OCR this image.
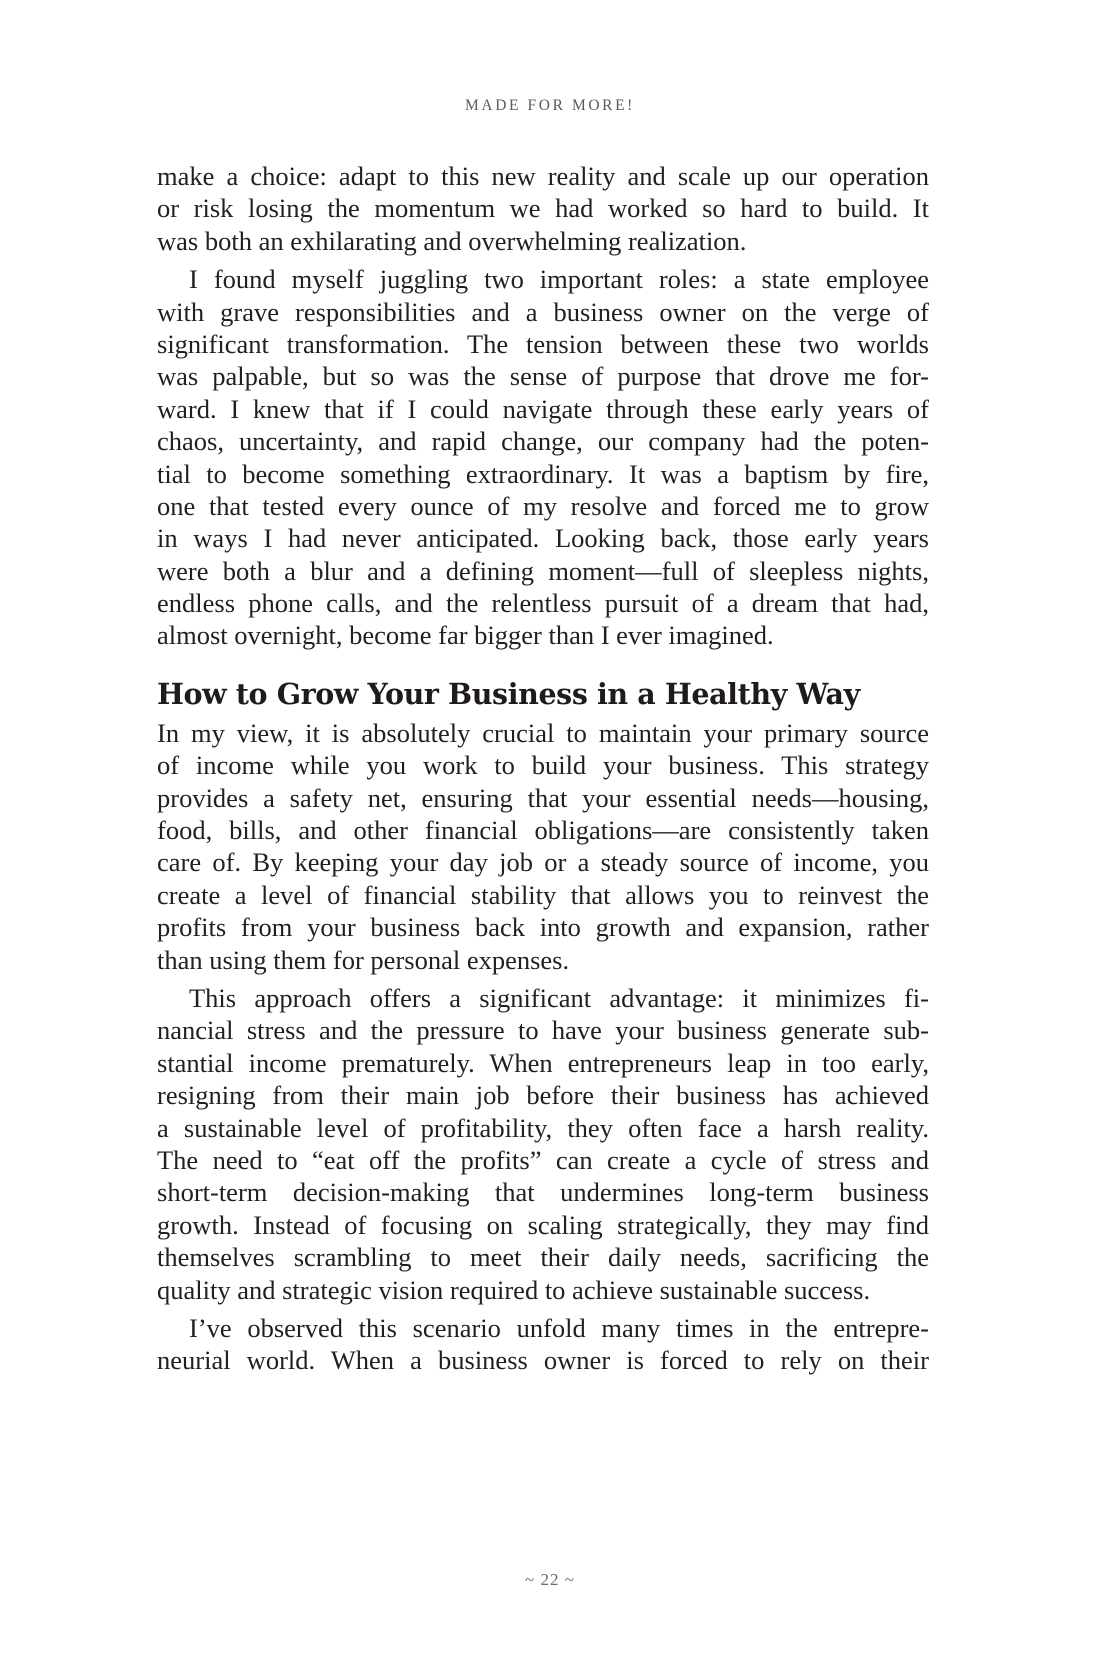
MADE FOR MORE!
make a choice: adapt to this new reality and scale up our operation
or risk losing the momentum we had worked so hard to build. It
was both an exhilarating and overwhelming realization.
I found myself juggling two important roles: a state employee
with grave responsibilities and a business owner on the verge of
significant transformation. The tension between these two worlds
was palpable, but so was the sense of purpose that drove me for-
ward. I knew that if I could navigate through these early years of
chaos, uncertainty, and rapid change, our company had the poten-
tial to become something extraordinary. It was a baptism by fire,
one that tested every ounce of my resolve and forced me to grow
in ways I had never anticipated. Looking back, those early years
were both a blur and a defining moment—full of sleepless nights,
endless phone calls, and the relentless pursuit of a dream that had,
almost overnight, become far bigger than I ever imagined.
How to Grow Your Business in a Healthy Way
In my view, it is absolutely crucial to maintain your primary source
of income while you work to build your business. This strategy
provides a safety net, ensuring that your essential needs—housing,
food, bills, and other financial obligations—are consistently taken
care of. By keeping your day job or a steady source of income, you
create a level of financial stability that allows you to reinvest the
profits from your business back into growth and expansion, rather
than using them for personal expenses.
This approach offers a significant advantage: it minimizes fi-
nancial stress and the pressure to have your business generate sub-
stantial income prematurely. When entrepreneurs leap in too early,
resigning from their main job before their business has achieved
a sustainable level of profitability, they often face a harsh reality.
The need to “eat off the profits” can create a cycle of stress and
short-term decision-making that undermines long-term business
growth. Instead of focusing on scaling strategically, they may find
themselves scrambling to meet their daily needs, sacrificing the
quality and strategic vision required to achieve sustainable success.
I’ve observed this scenario unfold many times in the entrepre-
neurial world. When a business owner is forced to rely on their
~ 22 ~
